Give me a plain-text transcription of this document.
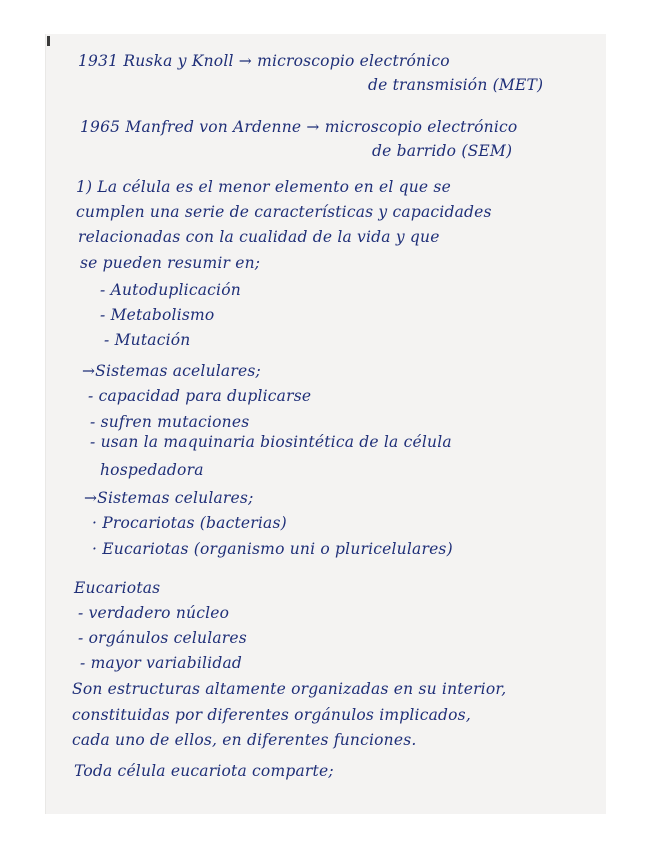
1931 Ruska y Knoll → microscopio electrónico
de transmisión (MET)
1965 Manfred von Ardenne → microscopio electrónico
de barrido (SEM)
1) La célula es el menor elemento en el que se
cumplen una serie de características y capacidades
relacionadas con la cualidad de la vida y que
se pueden resumir en;
- Autoduplicación
- Metabolismo
- Mutación
→Sistemas acelulares;
- capacidad para duplicarse
- sufren mutaciones
- usan la maquinaria biosintética de la célula
hospedadora
→Sistemas celulares;
· Procariotas (bacterias)
· Eucariotas (organismo uni o pluricelulares)
Eucariotas
- verdadero núcleo
- orgánulos celulares
- mayor variabilidad
Son estructuras altamente organizadas en su interior,
constituidas por diferentes orgánulos implicados,
cada uno de ellos, en diferentes funciones.
Toda célula eucariota comparte;
